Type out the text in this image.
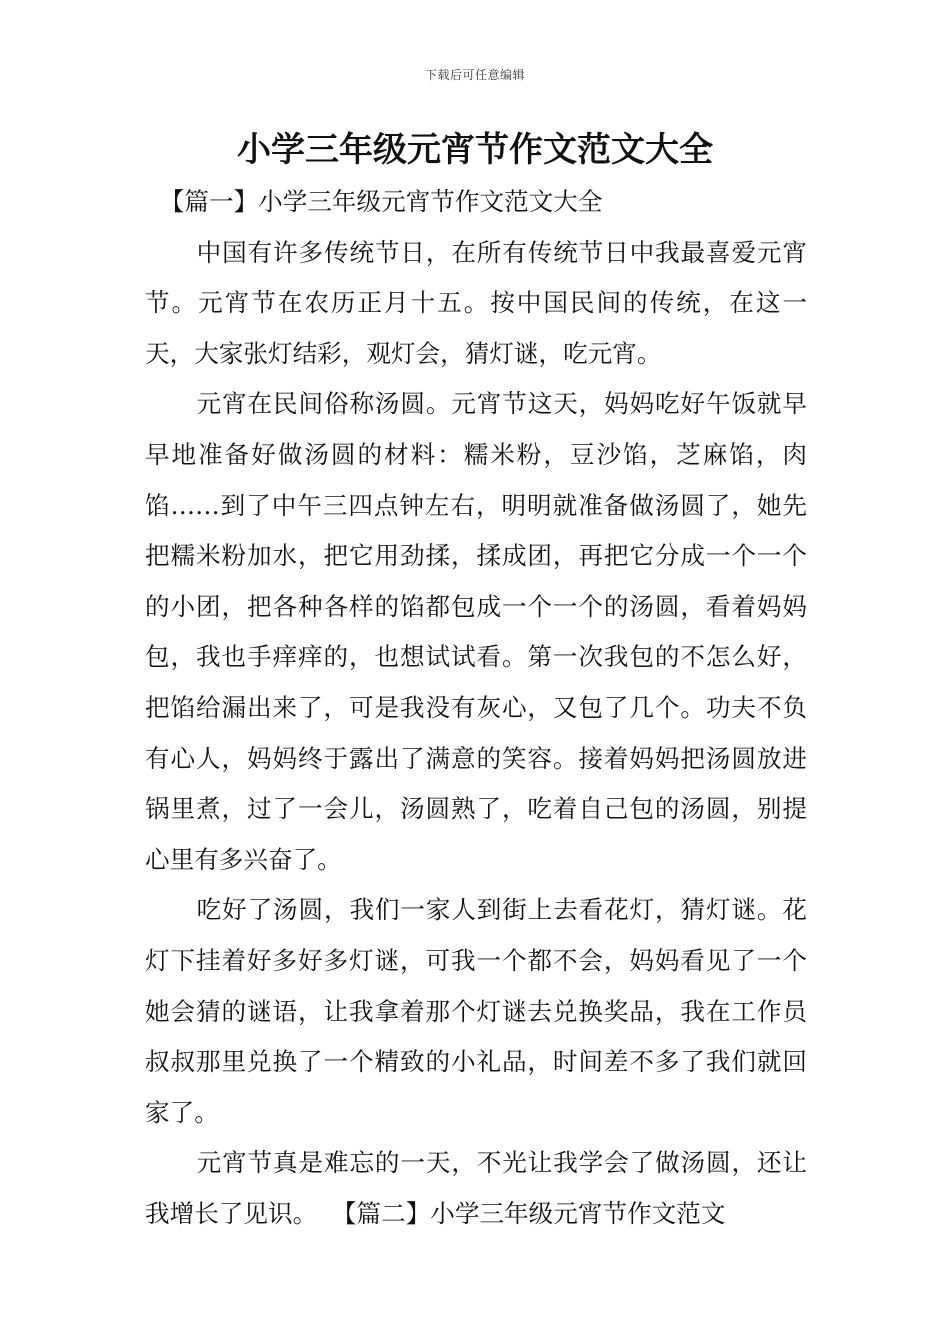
下载后可任意编辑
小学三年级元宵节作文范文大全

【篇一】小学三年级元宵节作文范文大全

中国有许多传统节日，在所有传统节日中我最喜爱元宵节。元宵节在农历正月十五。按中国民间的传统，在这一天，大家张灯结彩，观灯会，猜灯谜，吃元宵。

元宵在民间俗称汤圆。元宵节这天，妈妈吃好午饭就早早地准备好做汤圆的材料：糯米粉，豆沙馅，芝麻馅，肉馅……到了中午三四点钟左右，明明就准备做汤圆了，她先把糯米粉加水，把它用劲揉，揉成团，再把它分成一个一个的小团，把各种各样的馅都包成一个一个的汤圆，看着妈妈包，我也手痒痒的，也想试试看。第一次我包的不怎么好，把馅给漏出来了，可是我没有灰心，又包了几个。功夫不负有心人，妈妈终于露出了满意的笑容。接着妈妈把汤圆放进锅里煮，过了一会儿，汤圆熟了，吃着自己包的汤圆，别提心里有多兴奋了。

吃好了汤圆，我们一家人到街上去看花灯，猜灯谜。花灯下挂着好多好多灯谜，可我一个都不会，妈妈看见了一个她会猜的谜语，让我拿着那个灯谜去兑换奖品，我在工作员叔叔那里兑换了一个精致的小礼品，时间差不多了我们就回家了。

元宵节真是难忘的一天，不光让我学会了做汤圆，还让我增长了见识。 【篇二】小学三年级元宵节作文范文
